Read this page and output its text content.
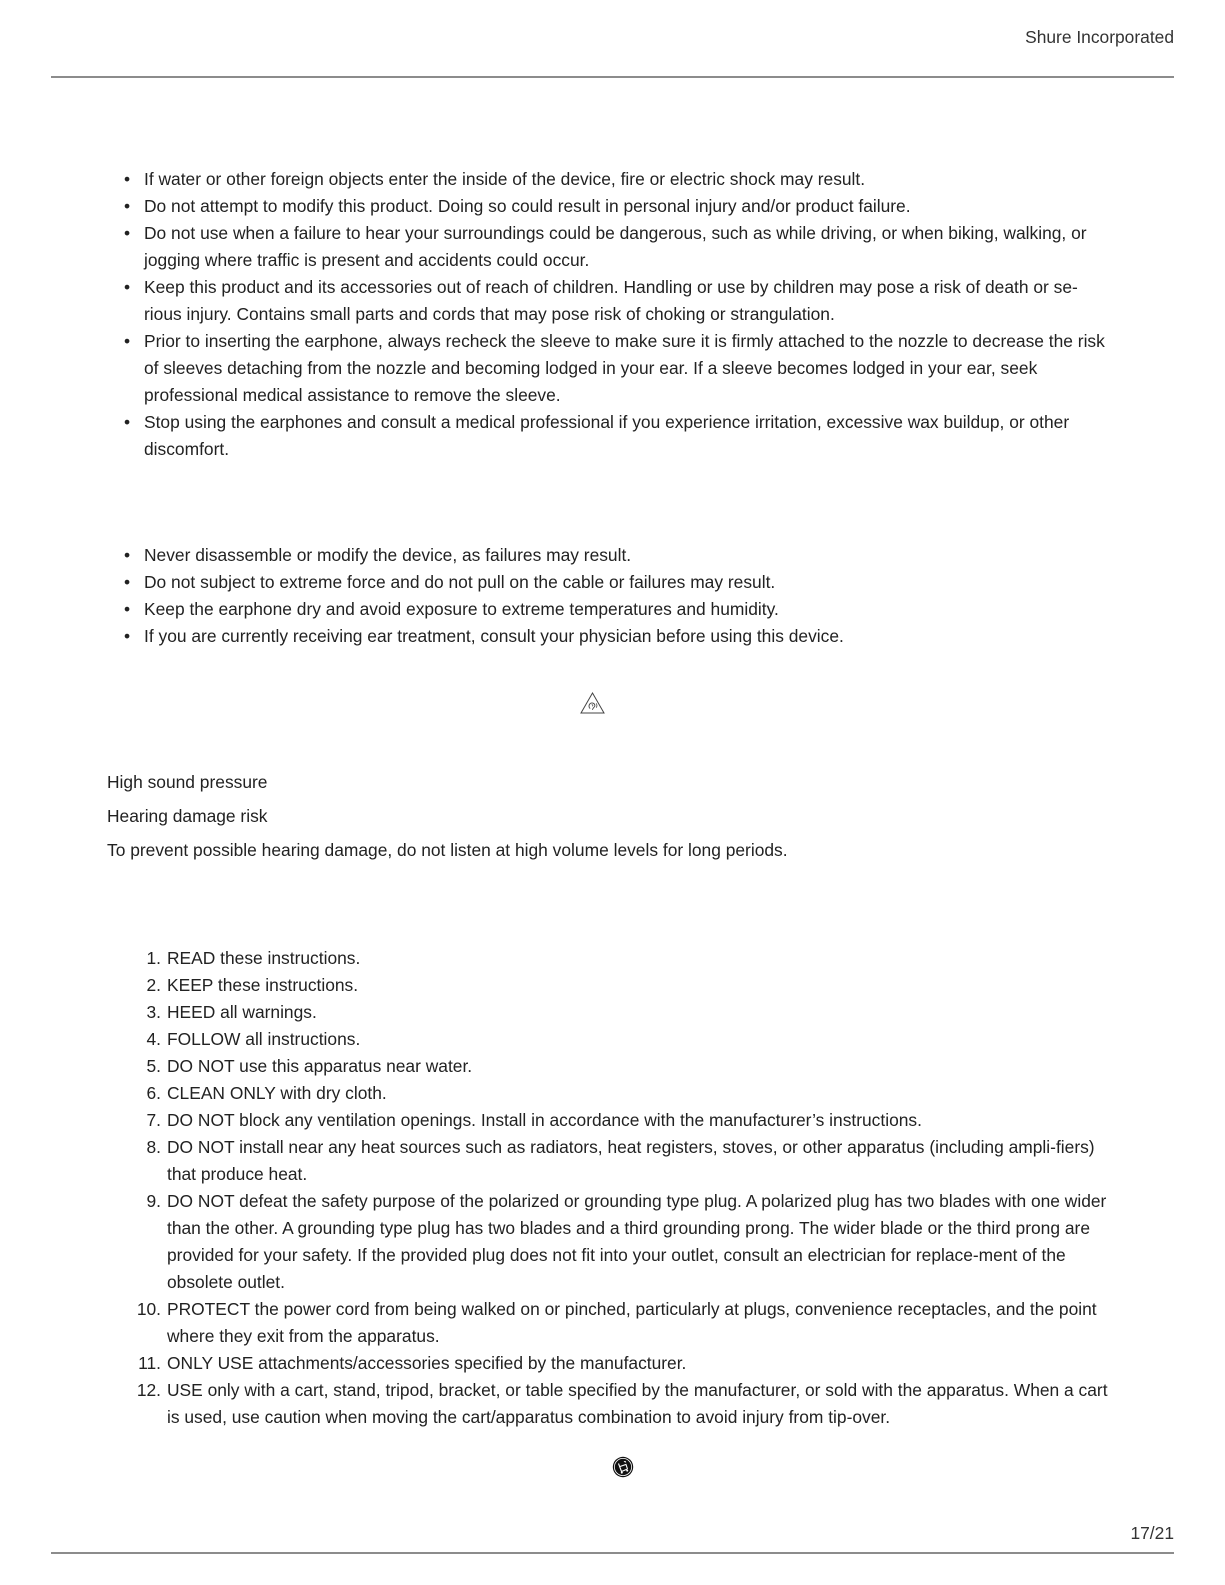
Shure Incorporated
• If water or other foreign objects enter the inside of the device, fire or electric shock may result.
• Do not attempt to modify this product. Doing so could result in personal injury and/or product failure.
• Do not use when a failure to hear your surroundings could be dangerous, such as while driving, or when biking, walking, or jogging where traffic is present and accidents could occur.
• Keep this product and its accessories out of reach of children. Handling or use by children may pose a risk of death or se-rious injury. Contains small parts and cords that may pose risk of choking or strangulation.
• Prior to inserting the earphone, always recheck the sleeve to make sure it is firmly attached to the nozzle to decrease the risk of sleeves detaching from the nozzle and becoming lodged in your ear. If a sleeve becomes lodged in your ear, seek professional medical assistance to remove the sleeve.
• Stop using the earphones and consult a medical professional if you experience irritation, excessive wax buildup, or other discomfort.
• Never disassemble or modify the device, as failures may result.
• Do not subject to extreme force and do not pull on the cable or failures may result.
• Keep the earphone dry and avoid exposure to extreme temperatures and humidity.
• If you are currently receiving ear treatment, consult your physician before using this device.

High sound pressure

Hearing damage risk

To prevent possible hearing damage, do not listen at high volume levels for long periods.

1. READ these instructions.
2. KEEP these instructions.
3. HEED all warnings.
4. FOLLOW all instructions.
5. DO NOT use this apparatus near water.
6. CLEAN ONLY with dry cloth.
7. DO NOT block any ventilation openings. Install in accordance with the manufacturer’s instructions.
8. DO NOT install near any heat sources such as radiators, heat registers, stoves, or other apparatus (including ampli-fiers) that produce heat.
9. DO NOT defeat the safety purpose of the polarized or grounding type plug. A polarized plug has two blades with one wider than the other. A grounding type plug has two blades and a third grounding prong. The wider blade or the third prong are provided for your safety. If the provided plug does not fit into your outlet, consult an electrician for replace-ment of the obsolete outlet.
10. PROTECT the power cord from being walked on or pinched, particularly at plugs, convenience receptacles, and the point where they exit from the apparatus.
11. ONLY USE attachments/accessories specified by the manufacturer.
12. USE only with a cart, stand, tripod, bracket, or table specified by the manufacturer, or sold with the apparatus. When a cart is used, use caution when moving the cart/apparatus combination to avoid injury from tip-over.
17/21
